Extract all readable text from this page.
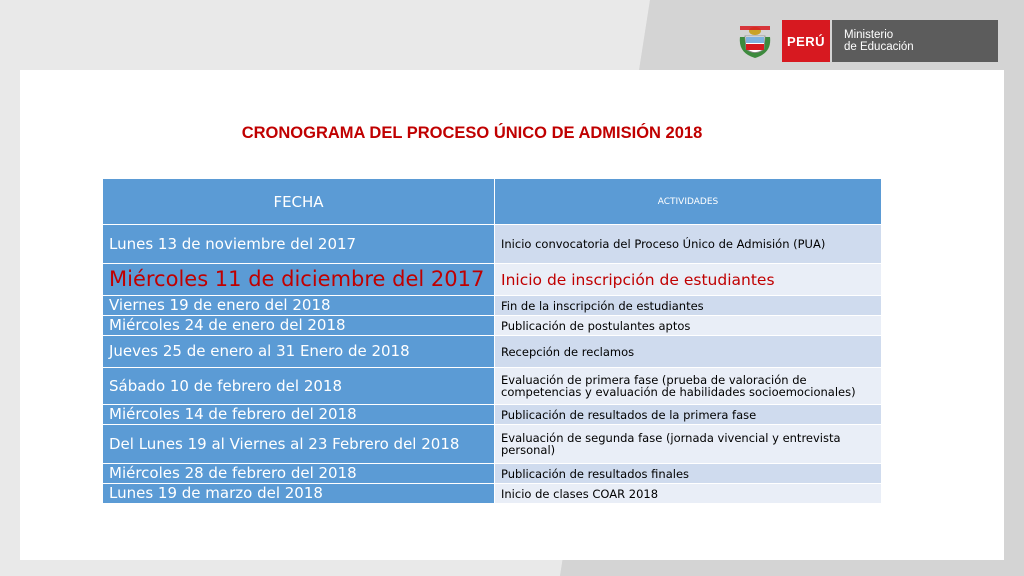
PERÚ Ministerio
de Educación
CRONOGRAMA DEL PROCESO ÚNICO DE ADMISIÓN 2018
FECHA	ACTIVIDADES
Lunes 13 de noviembre del 2017	Inicio convocatoria del Proceso Único de Admisión (PUA)
Miércoles 11 de diciembre del 2017	Inicio de inscripción de estudiantes
Viernes 19 de enero del 2018	Fin de la inscripción de estudiantes
Miércoles 24 de enero del 2018	Publicación de postulantes aptos
Jueves 25 de enero al 31 Enero de 2018	Recepción de reclamos
Sábado 10 de febrero del 2018	Evaluación de primera fase (prueba de valoración de competencias y evaluación de habilidades socioemocionales)
Miércoles 14 de febrero del 2018	Publicación de resultados de la primera fase
Del Lunes 19 al Viernes al 23 Febrero del 2018	Evaluación de segunda fase (jornada vivencial y entrevista personal)
Miércoles 28 de febrero del 2018	Publicación de resultados finales
Lunes 19 de marzo del 2018	Inicio de clases COAR 2018
